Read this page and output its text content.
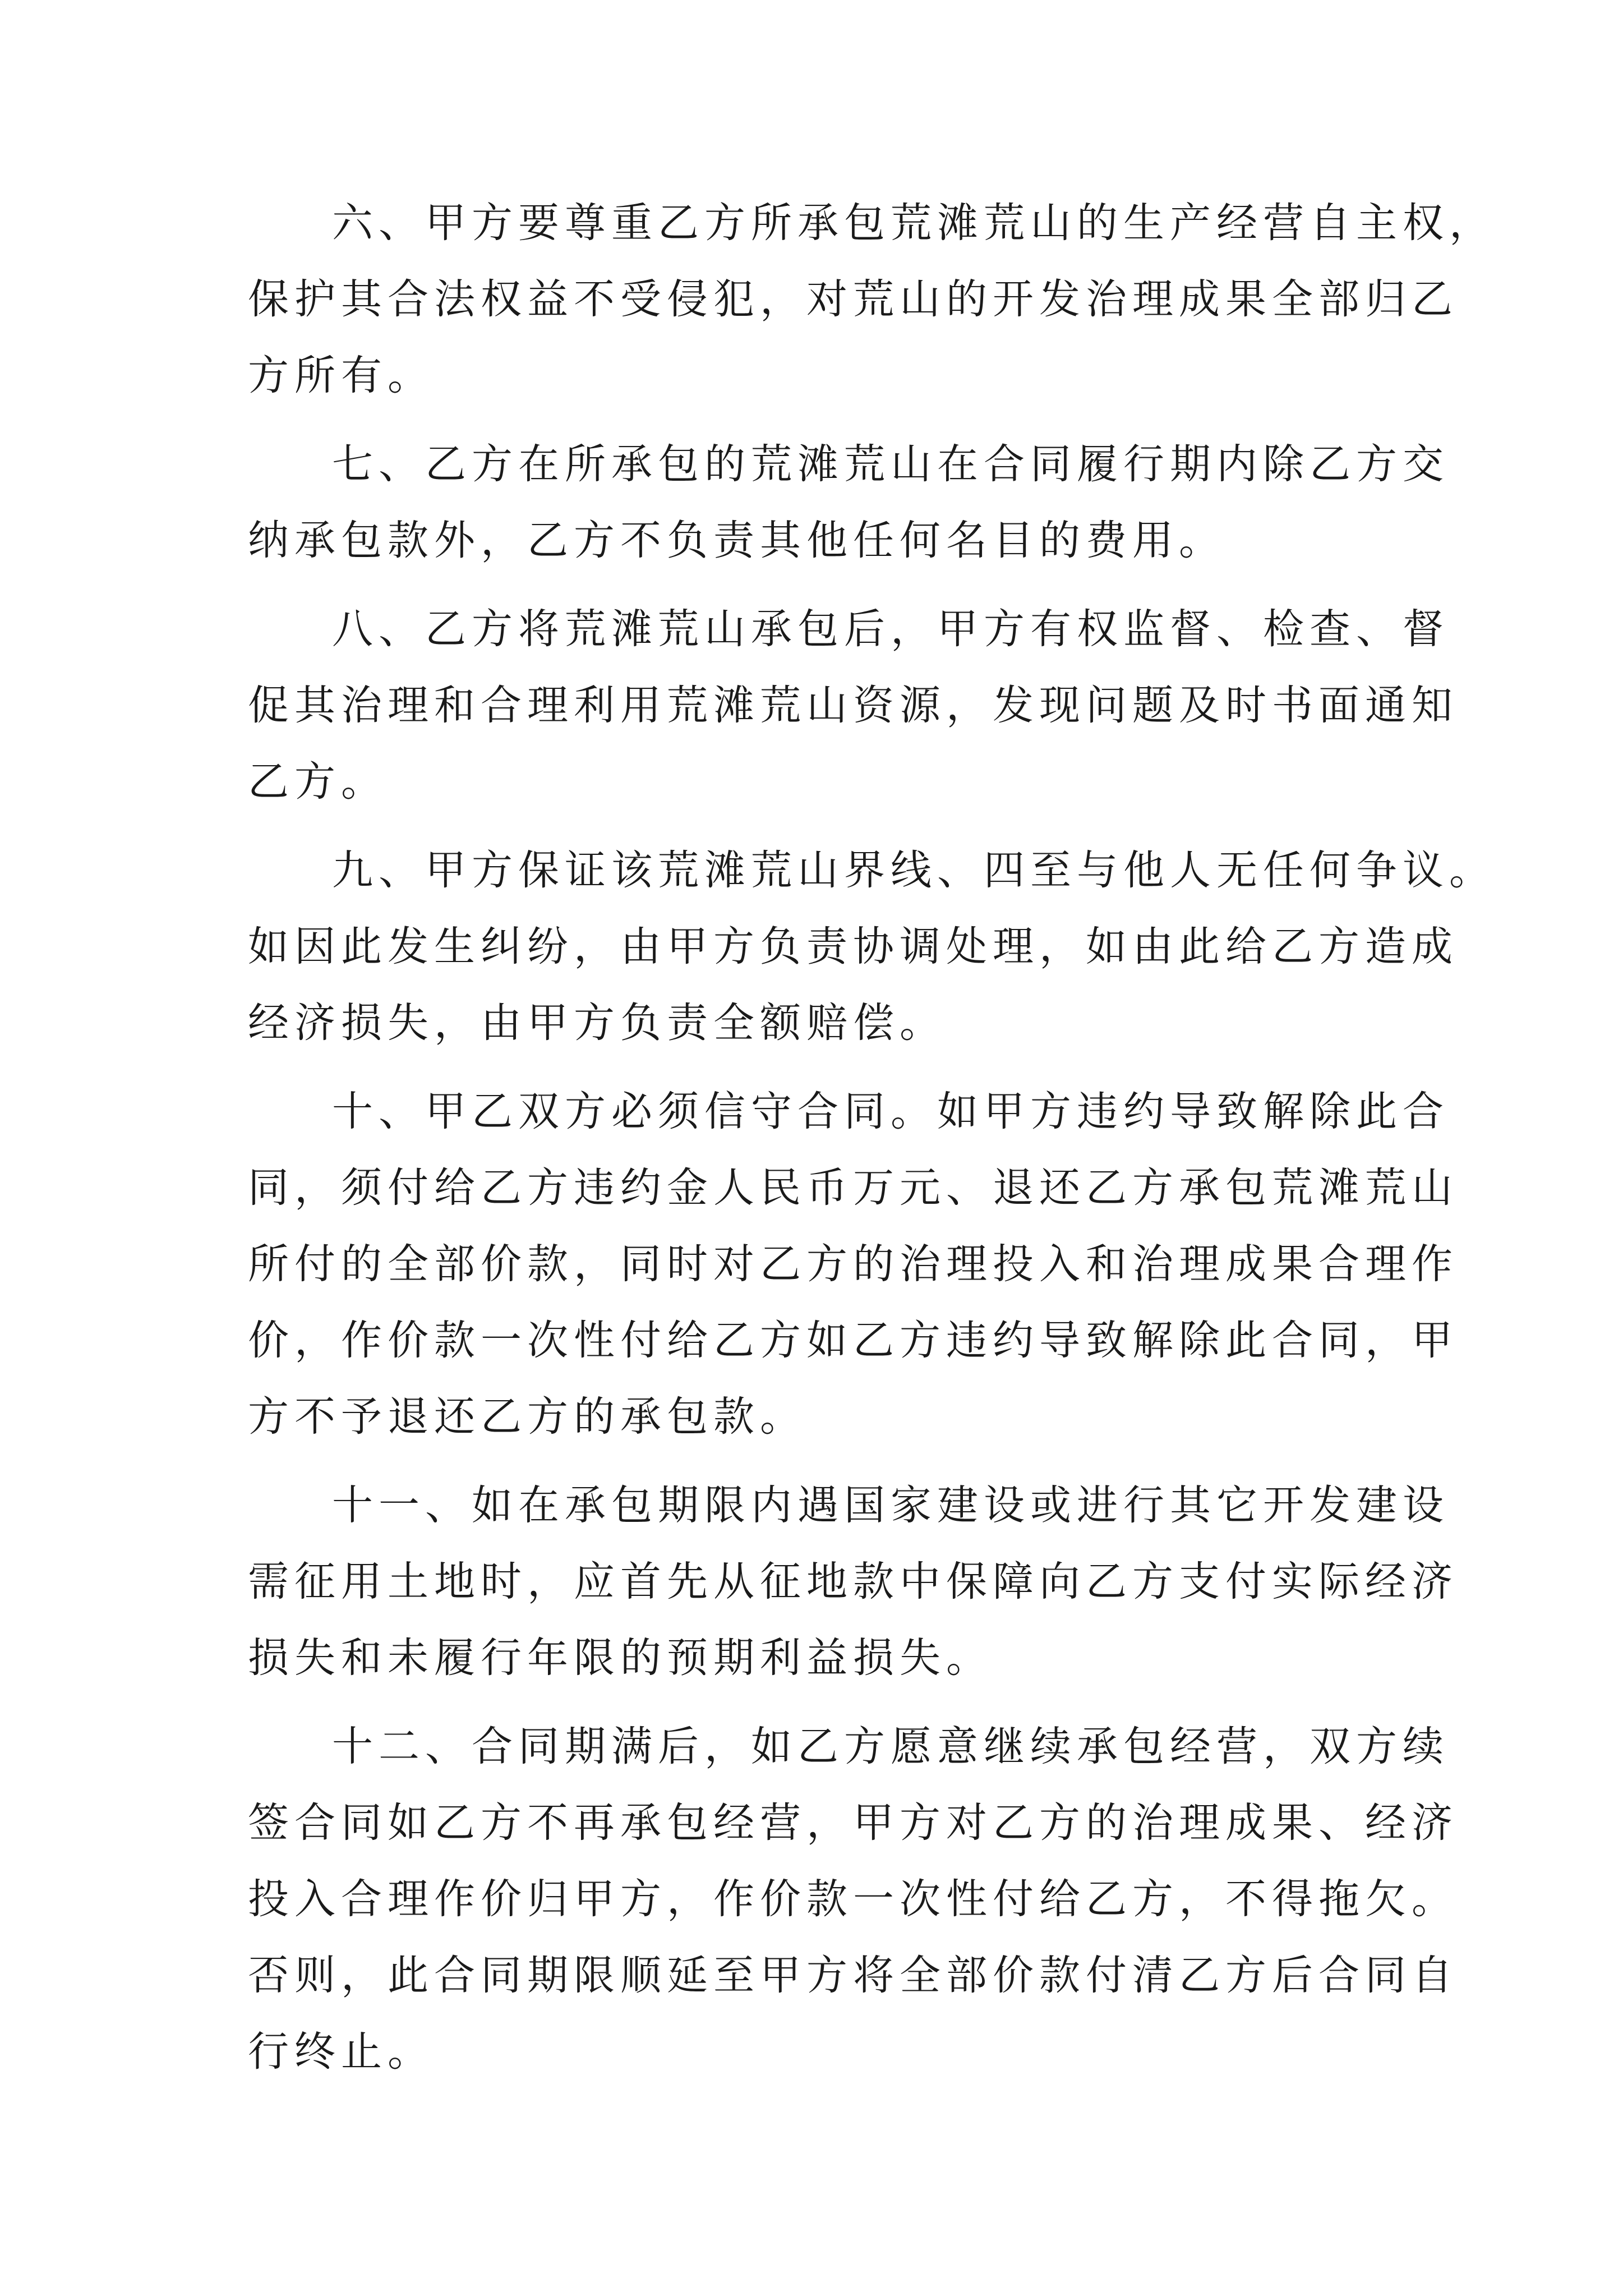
六、甲方要尊重乙方所承包荒滩荒山的生产经营自主权，
保护其合法权益不受侵犯，对荒山的开发治理成果全部归乙
方所有。
七、乙方在所承包的荒滩荒山在合同履行期内除乙方交
纳承包款外，乙方不负责其他任何名目的费用。
八、乙方将荒滩荒山承包后，甲方有权监督、检查、督
促其治理和合理利用荒滩荒山资源，发现问题及时书面通知
乙方。
九、甲方保证该荒滩荒山界线、四至与他人无任何争议。
如因此发生纠纷，由甲方负责协调处理，如由此给乙方造成
经济损失，由甲方负责全额赔偿。
十、甲乙双方必须信守合同。如甲方违约导致解除此合
同，须付给乙方违约金人民币万元、退还乙方承包荒滩荒山
所付的全部价款，同时对乙方的治理投入和治理成果合理作
价，作价款一次性付给乙方如乙方违约导致解除此合同，甲
方不予退还乙方的承包款。
十一、如在承包期限内遇国家建设或进行其它开发建设
需征用土地时，应首先从征地款中保障向乙方支付实际经济
损失和未履行年限的预期利益损失。
十二、合同期满后，如乙方愿意继续承包经营，双方续
签合同如乙方不再承包经营，甲方对乙方的治理成果、经济
投入合理作价归甲方，作价款一次性付给乙方，不得拖欠。
否则，此合同期限顺延至甲方将全部价款付清乙方后合同自
行终止。
